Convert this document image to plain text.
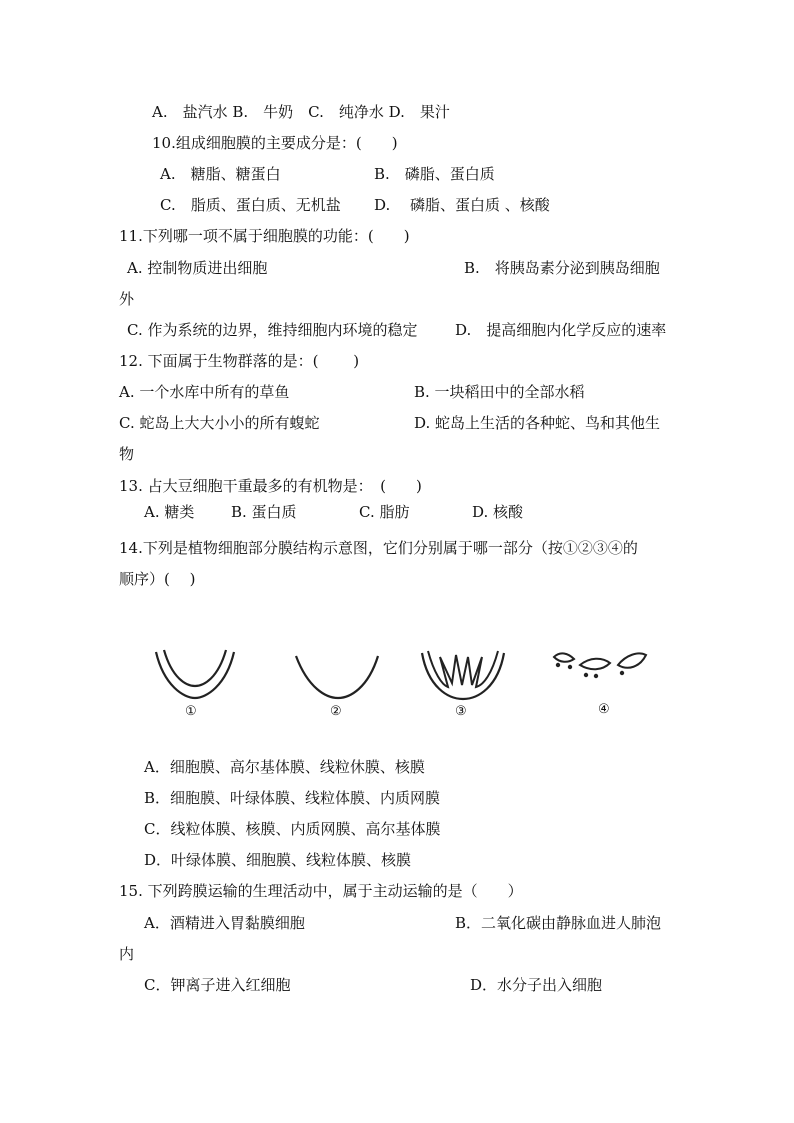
A.　盐汽水 B.　牛奶　C.　纯净水 D.　果汁
10.组成细胞膜的主要成分是：(　　)
A.　糖脂、糖蛋白	B.　磷脂、蛋白质
C.　脂质、蛋白质、无机盐 D.　 磷脂、蛋白质 、核酸
11.下列哪一项不属于细胞膜的功能：(　　)
A. 控制物质进出细胞	B.　将胰岛素分泌到胰岛细胞
外
C. 作为系统的边界，维持细胞内环境的稳定	D.　提高细胞内化学反应的速率
12. 下面属于生物群落的是：(　　 )
A. 一个水库中所有的草鱼	B. 一块稻田中的全部水稻
C. 蛇岛上大大小小的所有蝮蛇	D. 蛇岛上生活的各种蛇、鸟和其他生
物
13. 占大豆细胞干重最多的有机物是：　(　　)
A. 糖类 B. 蛋白质	C. 脂肪	D. 核酸
14.下列是植物细胞部分膜结构示意图，它们分别属于哪一部分（按①②③④的
顺序）(　 )
①	②	③	④
A．细胞膜、高尔基体膜、线粒休膜、核膜
B．细胞膜、叶绿体膜、线粒体膜、内质网膜
C．线粒体膜、核膜、内质网膜、高尔基体膜
D．叶绿体膜、细胞膜、线粒体膜、核膜
15. 下列跨膜运输的生理活动中，属于主动运输的是（　　）
A．酒精进入胃黏膜细胞	B．二氧化碳由静脉血进人肺泡
内
C．钾离子进入红细胞	D．水分子出入细胞
